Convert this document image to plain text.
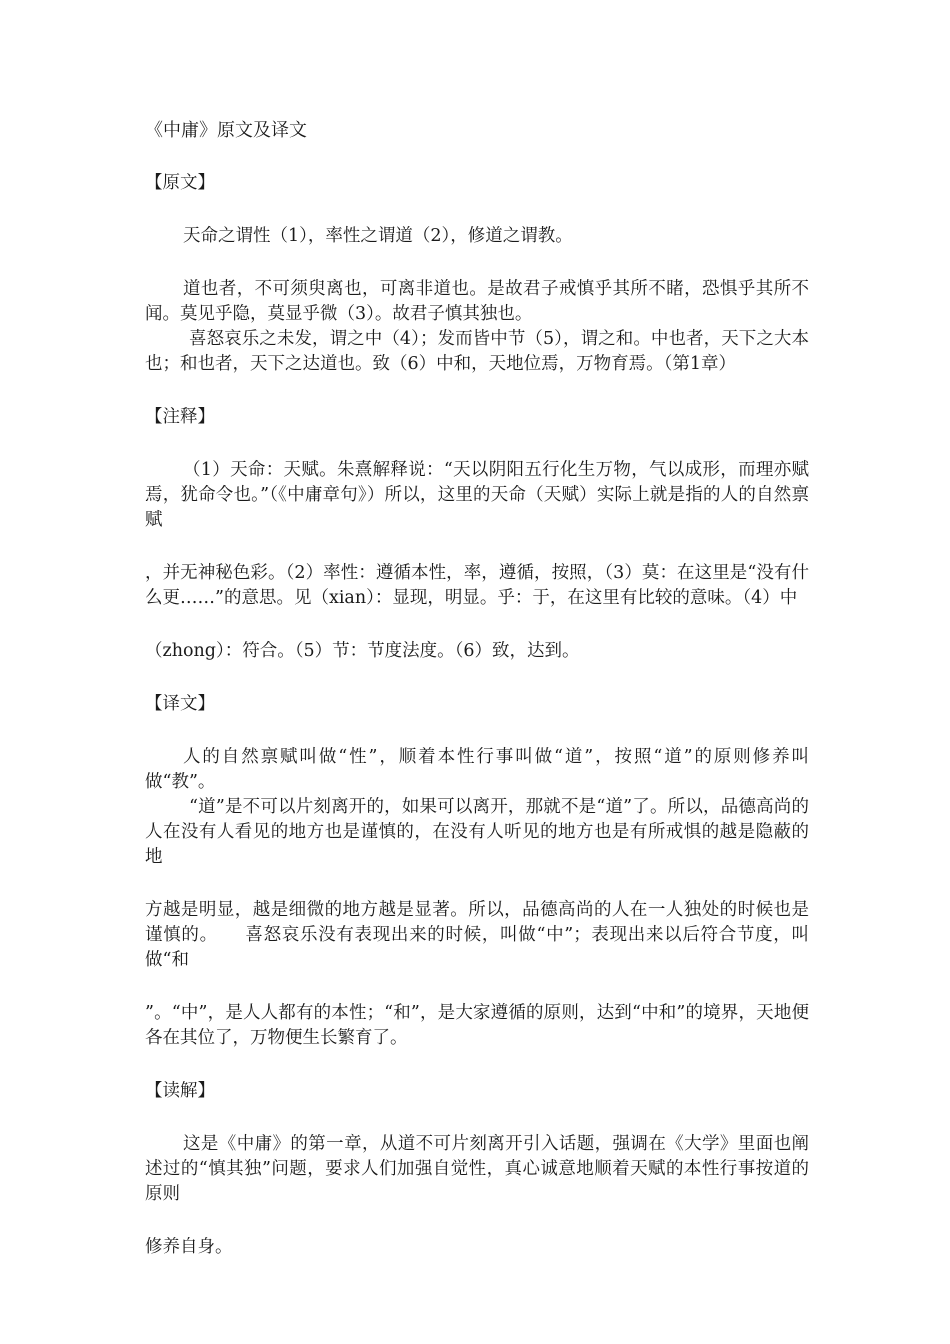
《中庸》原文及译文

【原文】

天命之谓性（1），率性之谓道（2），修道之谓教。

道也者，不可须臾离也，可离非道也。是故君子戒慎乎其所不睹，恐惧乎其所不闻。莫见乎隐，莫显乎微（3）。故君子慎其独也。

喜怒哀乐之未发，谓之中（4）；发而皆中节（5），谓之和。中也者，天下之大本也；和也者，天下之达道也。致（6）中和，天地位焉，万物育焉。（第1章）

【注释】

（1）天命：天赋。朱熹解释说：“天以阴阳五行化生万物，气以成形，而理亦赋焉，犹命令也。”（《中庸章句》）所以，这里的天命（天赋）实际上就是指的人的自然禀赋

，并无神秘色彩。（2）率性：遵循本性，率，遵循，按照，（3）莫：在这里是“没有什么更……”的意思。见（xian）：显现，明显。乎：于，在这里有比较的意味。（4）中

（zhong）：符合。（5）节：节度法度。（6）致，达到。

【译文】

人的自然禀赋叫做“性”，顺着本性行事叫做“道”，按照“道”的原则修养叫做“教”。

“道”是不可以片刻离开的，如果可以离开，那就不是“道”了。所以，品德高尚的人在没有人看见的地方也是谨慎的，在没有人听见的地方也是有所戒惧的越是隐蔽的地

方越是明显，越是细微的地方越是显著。所以，品德高尚的人在一人独处的时候也是谨慎的。　　喜怒哀乐没有表现出来的时候，叫做“中”；表现出来以后符合节度，叫做“和

”。“中”，是人人都有的本性；“和”，是大家遵循的原则，达到“中和”的境界，天地便各在其位了，万物便生长繁育了。

【读解】

这是《中庸》的第一章，从道不可片刻离开引入话题，强调在《大学》里面也阐述过的“慎其独”问题，要求人们加强自觉性，真心诚意地顺着天赋的本性行事按道的原则

修养自身。
